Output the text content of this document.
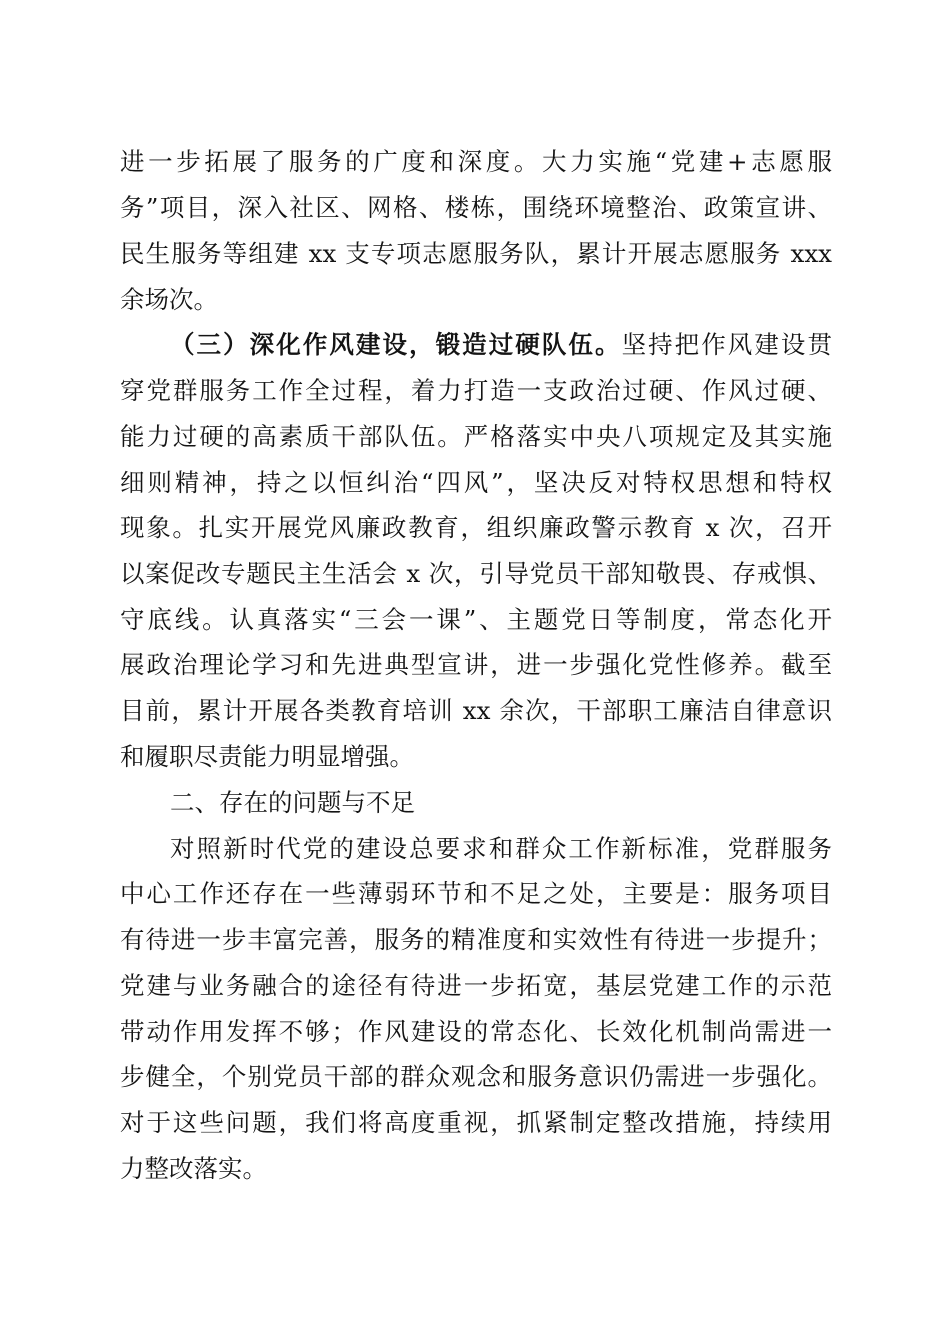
进一步拓展了服务的广度和深度。大力实施“党建+志愿服
务”项目，深入社区、网格、楼栋，围绕环境整治、政策宣讲、
民生服务等组建 xx 支专项志愿服务队，累计开展志愿服务 xxx
余场次。
（三）深化作风建设，锻造过硬队伍。坚持把作风建设贯
穿党群服务工作全过程，着力打造一支政治过硬、作风过硬、
能力过硬的高素质干部队伍。严格落实中央八项规定及其实施
细则精神，持之以恒纠治“四风”，坚决反对特权思想和特权
现象。扎实开展党风廉政教育，组织廉政警示教育 x 次，召开
以案促改专题民主生活会 x 次，引导党员干部知敬畏、存戒惧、
守底线。认真落实“三会一课”、主题党日等制度，常态化开
展政治理论学习和先进典型宣讲，进一步强化党性修养。截至
目前，累计开展各类教育培训 xx 余次，干部职工廉洁自律意识
和履职尽责能力明显增强。
二、存在的问题与不足
对照新时代党的建设总要求和群众工作新标准，党群服务
中心工作还存在一些薄弱环节和不足之处，主要是：服务项目
有待进一步丰富完善，服务的精准度和实效性有待进一步提升；
党建与业务融合的途径有待进一步拓宽，基层党建工作的示范
带动作用发挥不够；作风建设的常态化、长效化机制尚需进一
步健全，个别党员干部的群众观念和服务意识仍需进一步强化。
对于这些问题，我们将高度重视，抓紧制定整改措施，持续用
力整改落实。
